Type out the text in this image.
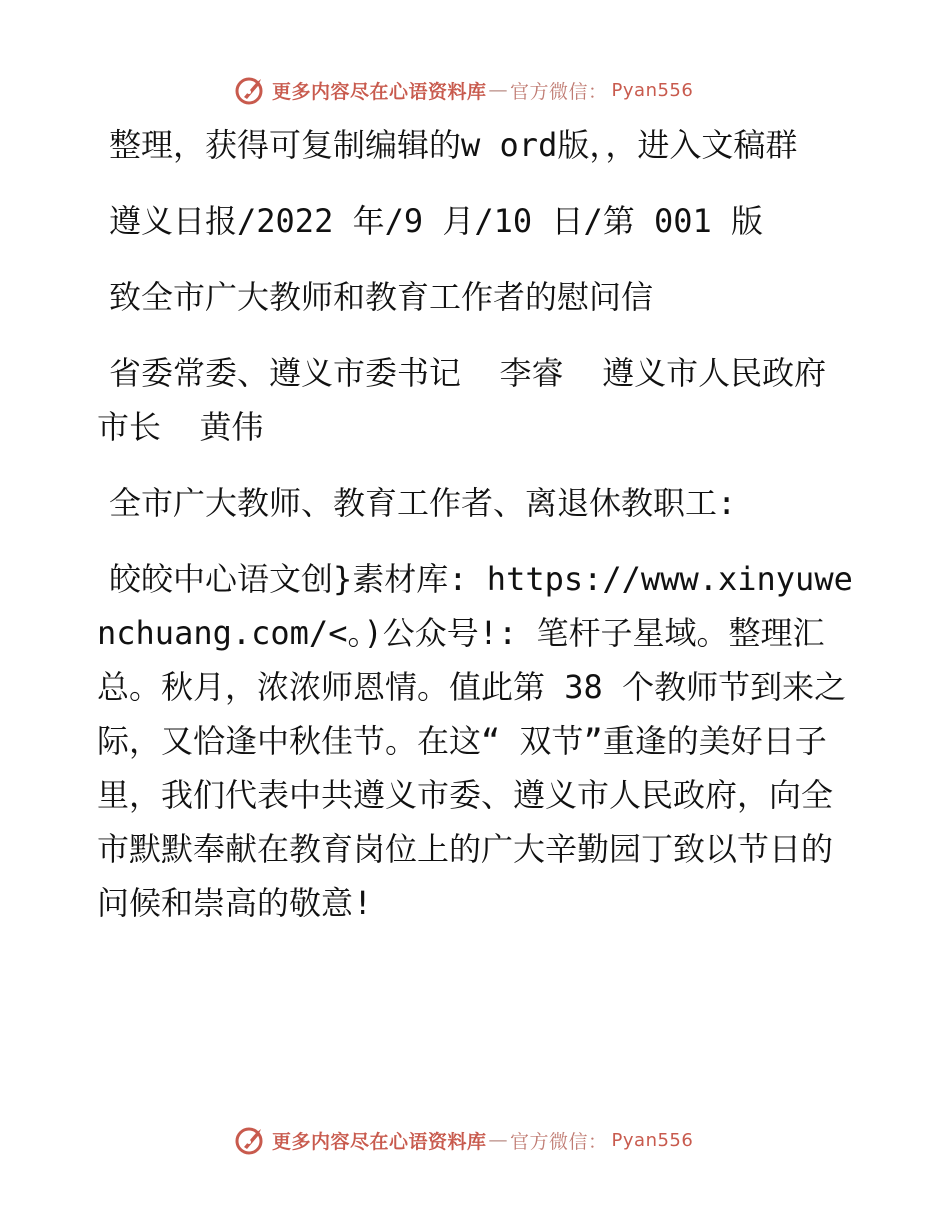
更多内容尽在心语资料库 — 官方微信： Pyan556

整理，获得可复制编辑的w ord版，，进入文稿群

遵义日报/2022 年/9 月/10 日/第 001 版

致全市广大教师和教育工作者的慰问信

省委常委、遵义市委书记  李睿  遵义市人民政府市长  黄伟

全市广大教师、教育工作者、离退休教职工:

皎皎中心语文创}素材库: https://www.xinyuwenchuang.com/<。)公众号!: 笔杆子星域。整理汇总。秋月，浓浓师恩情。值此第 38 个教师节到来之际，又恰逢中秋佳节。在这“ 双节”重逢的美好日子里，我们代表中共遵义市委、遵义市人民政府，向全市默默奉献在教育岗位上的广大辛勤园丁致以节日的问候和崇高的敬意!

更多内容尽在心语资料库 — 官方微信： Pyan556
